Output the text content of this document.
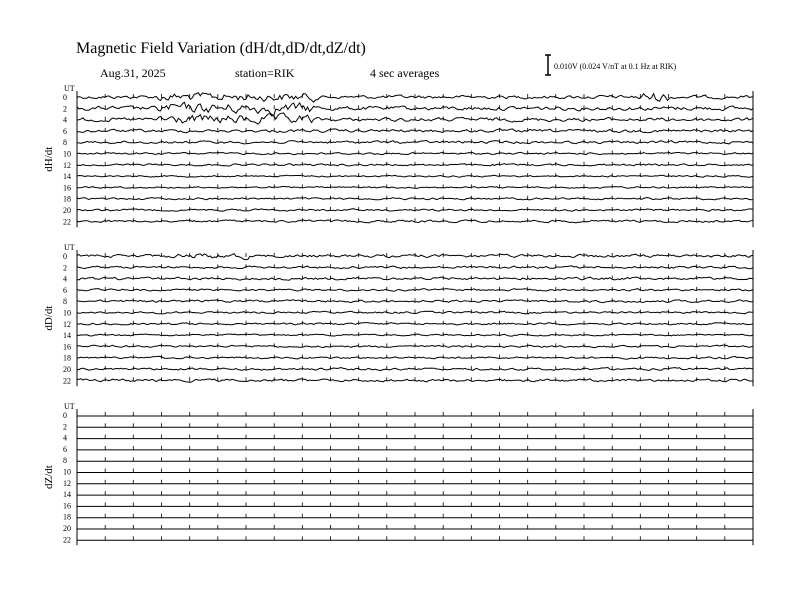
Magnetic Field Variation (dH/dt,dD/dt,dZ/dt)
Aug.31, 2025	station=RIK	4 sec averages	0.010V (0.024 V/nT at 0.1 Hz at RIK)
UT
dH/dt
0
2
4
6
8
10
12
14
16
18
20
22
UT
dD/dt
0
2
4
6
8
10
12
14
16
18
20
22
UT
dZ/dt
0
2
4
6
8
10
12
14
16
18
20
22
